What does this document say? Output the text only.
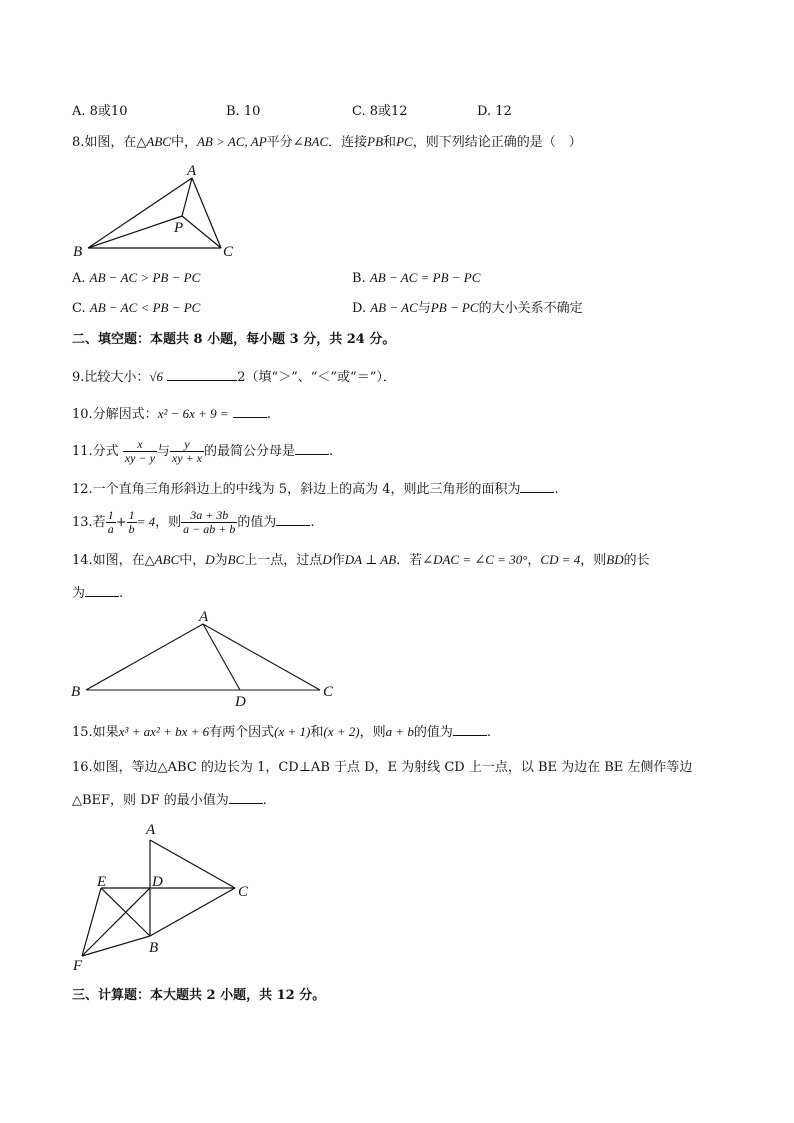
A. 8或10	B. 10	C. 8或12	D. 12
8.如图，在△ABC中，AB > AC, AP平分∠BAC．连接PB和PC，则下列结论正确的是（　）
A
B	C
P
A. AB − AC > PB − PC	B. AB − AC = PB − PC
C. AB − AC < PB − PC	D. AB − AC与PB − PC的大小关系不确定
二、填空题：本题共 8 小题，每小题 3 分，共 24 分。
9.比较大小：√6	2（填“＞”、“＜”或“＝”）．
10.分解因式：x² − 6x + 9 =	.
11.分式 $\frac{x}{xy - y}$ 与 $\frac{y}{xy + x}$ 的最简公分母是	.
12.一个直角三角形斜边上的中线为 5，斜边上的高为 4，则此三角形的面积为	.
13.若 $\frac{1}{a} + \frac{1}{b} = 4$，则 $\frac{3a + 3b}{a - ab + b}$ 的值为	.
14.如图，在△ABC中，D为BC上一点，过点D作DA ⊥ AB．若∠DAC = ∠C = 30°，CD = 4，则BD的长
为	.
A
B	C
D
15.如果x³ + ax² + bx + 6有两个因式(x + 1)和(x + 2)，则a + b的值为	.
16.如图，等边△ABC 的边长为 1，CD⊥AB 于点 D，E 为射线 CD 上一点，以 BE 为边在 BE 左侧作等边
△BEF，则 DF 的最小值为	.
A
C
D
E
B
F
三、计算题：本大题共 2 小题，共 12 分。
